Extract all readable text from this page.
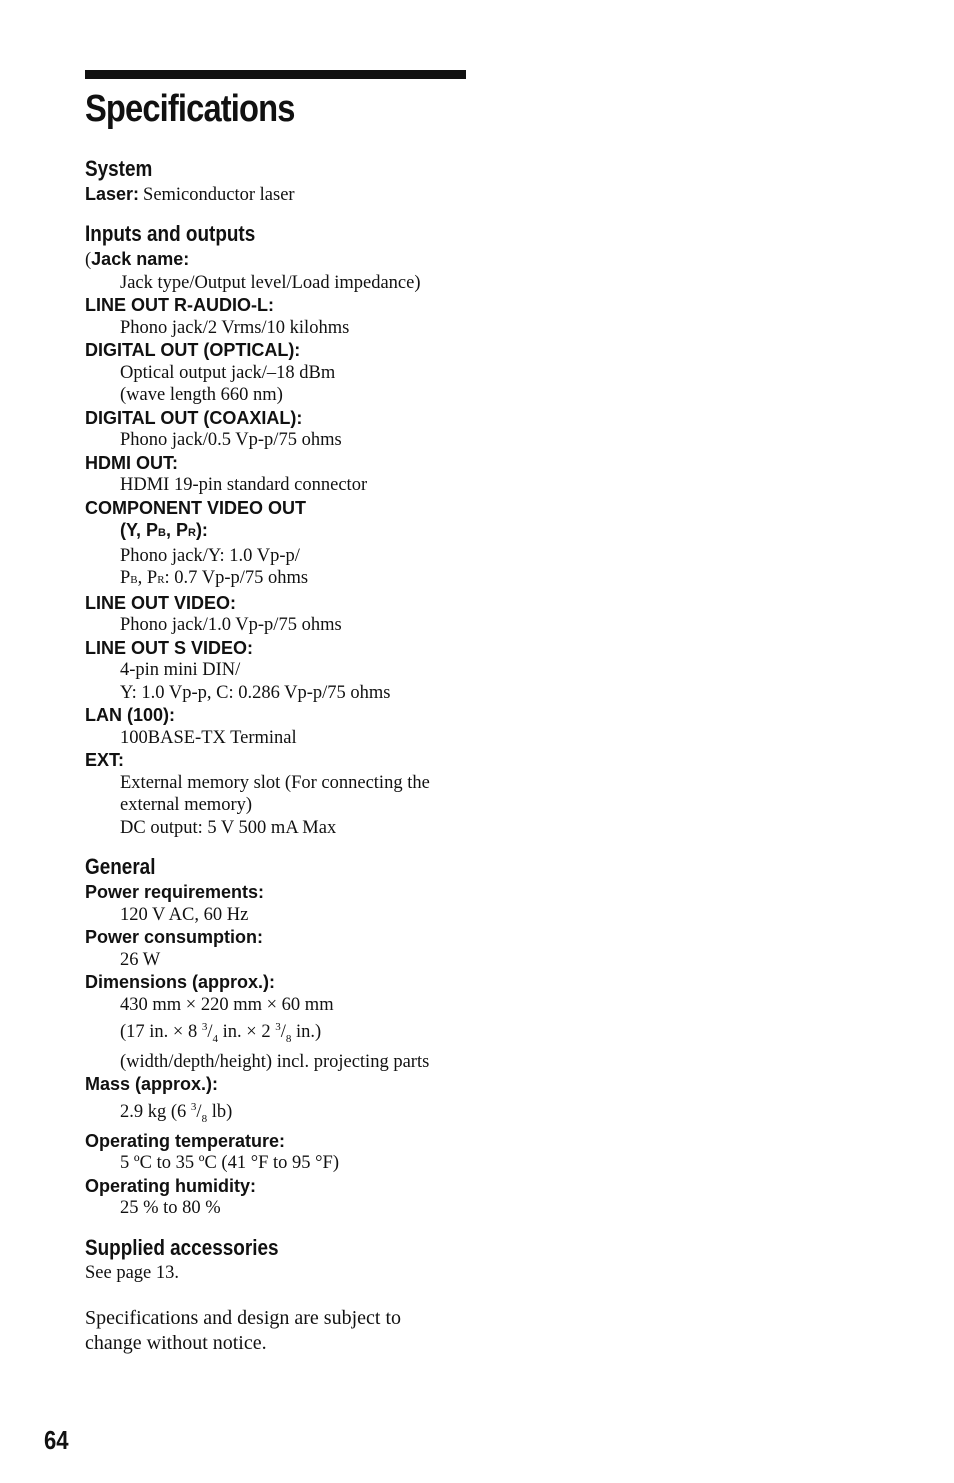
Specifications
System
Laser: Semiconductor laser
Inputs and outputs
(Jack name:
Jack type/Output level/Load impedance)
LINE OUT R-AUDIO-L:
Phono jack/2 Vrms/10 kilohms
DIGITAL OUT (OPTICAL):
Optical output jack/–18 dBm
(wave length 660 nm)
DIGITAL OUT (COAXIAL):
Phono jack/0.5 Vp-p/75 ohms
HDMI OUT:
HDMI 19-pin standard connector
COMPONENT VIDEO OUT
(Y, PB, PR):
Phono jack/Y: 1.0 Vp-p/
PB, PR: 0.7 Vp-p/75 ohms
LINE OUT VIDEO:
Phono jack/1.0 Vp-p/75 ohms
LINE OUT S VIDEO:
4-pin mini DIN/
Y: 1.0 Vp-p, C: 0.286 Vp-p/75 ohms
LAN (100):
100BASE-TX Terminal
EXT:
External memory slot (For connecting the
external memory)
DC output: 5 V 500 mA Max
General
Power requirements:
120 V AC, 60 Hz
Power consumption:
26 W
Dimensions (approx.):
430 mm × 220 mm × 60 mm
(17 in. × 8 $^3/_4$ in. × 2 $^3/_8$ in.)
(width/depth/height) incl. projecting parts
Mass (approx.):
2.9 kg (6 $^3/_8$ lb)
Operating temperature:
5 ºC to 35 ºC (41 °F to 95 °F)
Operating humidity:
25 % to 80 %
Supplied accessories
See page 13.
Specifications and design are subject to
change without notice.
64
